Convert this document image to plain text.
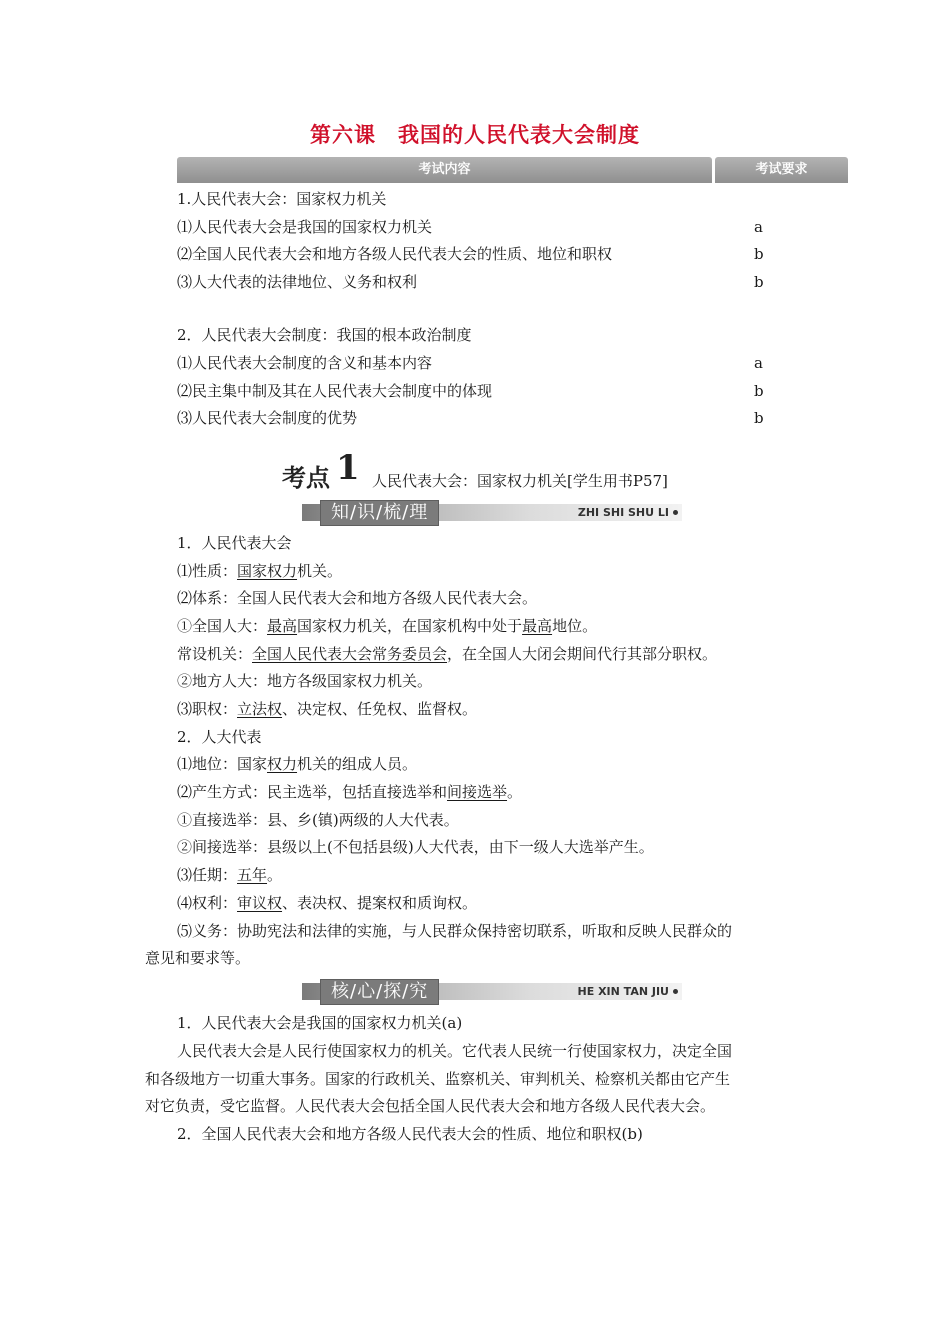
第六课 我国的人民代表大会制度
考试内容	考试要求
1.人民代表大会：国家权力机关
⑴人民代表大会是我国的国家权力机关	a
⑵全国人民代表大会和地方各级人民代表大会的性质、地位和职权	b
⑶人大代表的法律地位、义务和权利	b
2．人民代表大会制度：我国的根本政治制度
⑴人民代表大会制度的含义和基本内容	a
⑵民主集中制及其在人民代表大会制度中的体现	b
⑶人民代表大会制度的优势	b
考点 1 人民代表大会：国家权力机关[学生用书P57]
知/识/梳/理	ZHI SHI SHU LI
1．人民代表大会
⑴性质：国家权力机关。
⑵体系：全国人民代表大会和地方各级人民代表大会。
①全国人大：最高国家权力机关，在国家机构中处于最高地位。
常设机关：全国人民代表大会常务委员会，在全国人大闭会期间代行其部分职权。
②地方人大：地方各级国家权力机关。
⑶职权：立法权、决定权、任免权、监督权。
2．人大代表
⑴地位：国家权力机关的组成人员。
⑵产生方式：民主选举，包括直接选举和间接选举。
①直接选举：县、乡(镇)两级的人大代表。
②间接选举：县级以上(不包括县级)人大代表，由下一级人大选举产生。
⑶任期：五年。
⑷权利：审议权、表决权、提案权和质询权。
⑸义务：协助宪法和法律的实施，与人民群众保持密切联系，听取和反映人民群众的
意见和要求等。
核/心/探/究	HE XIN TAN JIU
1．人民代表大会是我国的国家权力机关(a)
人民代表大会是人民行使国家权力的机关。它代表人民统一行使国家权力，决定全国
和各级地方一切重大事务。国家的行政机关、监察机关、审判机关、检察机关都由它产生
对它负责，受它监督。人民代表大会包括全国人民代表大会和地方各级人民代表大会。
2．全国人民代表大会和地方各级人民代表大会的性质、地位和职权(b)
